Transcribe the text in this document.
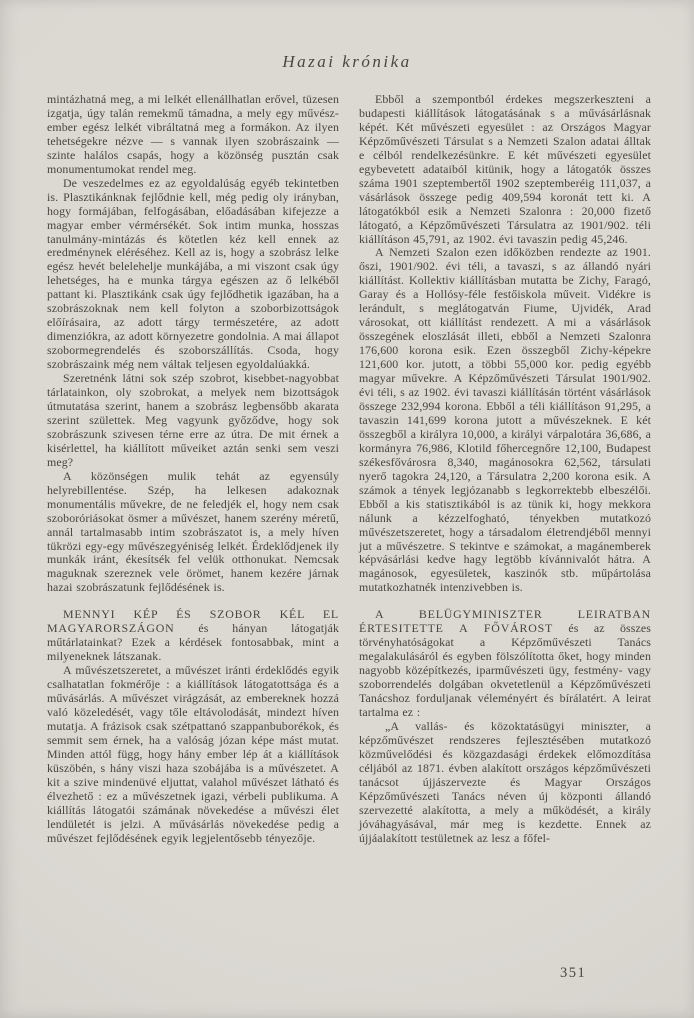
Hazai krónika

mintázhatná meg, a mi lelkét ellenállhatlan erővel, tüzesen izgatja, úgy talán remekmű támadna, a mely egy művész-ember egész lelkét vibráltatná meg a formákon. Az ilyen tehetségekre nézve — s vannak ilyen szobrászaink — szinte halálos csapás, hogy a közönség pusztán csak monumentumokat rendel meg.

De veszedelmes ez az egyoldalúság egyéb tekintetben is. Plasztikánknak fejlődnie kell, még pedig oly irányban, hogy formájában, felfogásában, előadásában kifejezze a magyar ember vérmérsékét. Sok intim munka, hosszas tanulmány-mintázás és kötetlen kéz kell ennek az eredménynek eléréséhez. Kell az is, hogy a szobrász lelke egész hevét belelehelje munkájába, a mi viszont csak úgy lehetséges, ha e munka tárgya egészen az ő lelkéből pattant ki. Plasztikánk csak úgy fejlődhetik igazában, ha a szobrászoknak nem kell folyton a szoborbizottságok előírásaira, az adott tárgy természetére, az adott dimenziókra, az adott környezetre gondolnia. A mai állapot szobormegrendelés és szoborszállítás. Csoda, hogy szobrászaink még nem váltak teljesen egyoldalúakká.

Szeretnénk látni sok szép szobrot, kisebbet-nagyobbat tárlatainkon, oly szobrokat, a melyek nem bizottságok útmutatása szerint, hanem a szobrász legbensőbb akarata szerint születtek. Meg vagyunk győződve, hogy sok szobrászunk szivesen térne erre az útra. De mit érnek a kisérlettel, ha kiállított műveiket aztán senki sem veszi meg?

A közönségen mulik tehát az egyensúly helyrebillentése. Szép, ha lelkesen adakoznak monumentális művekre, de ne feledjék el, hogy nem csak szoboróriásokat ösmer a művészet, hanem szerény méretű, annál tartalmasabb intim szobrászatot is, a mely híven tükrözi egy-egy művészegyéniség lelkét. Érdeklődjenek ily munkák iránt, ékesítsék fel velük otthonukat. Nemcsak maguknak szereznek vele örömet, hanem kezére járnak hazai szobrászatunk fejlődésének is.

MENNYI KÉP ÉS SZOBOR KÉL EL MAGYARORSZÁGON és hányan látogatják műtárlatainkat? Ezek a kérdések fontosabbak, mint a milyeneknek látszanak.

A művészetszeretet, a művészet iránti érdeklődés egyik csalhatatlan fokmérője : a kiállítások látogatottsága és a művásárlás. A művészet virágzását, az embereknek hozzá való közeledését, vagy tőle eltávolodását, mindezt híven mutatja. A frázisok csak szétpattanó szappanbuborékok, és semmit sem érnek, ha a valóság józan képe mást mutat. Minden attól függ, hogy hány ember lép át a kiállítások küszöbén, s hány viszi haza szobájába is a művészetet. A kit a szive mindenüvé eljuttat, valahol művészet látható és élvezhető : ez a művészetnek igazi, vérbeli publikuma. A kiállítás látogatói számának növekedése a művészi élet lendületét is jelzi. A művásárlás növekedése pedig a művészet fejlődésének egyik legjelentősebb tényezője.

Ebből a szempontból érdekes megszerkeszteni a budapesti kiállítások látogatásának s a művásárlásnak képét. Két művészeti egyesület : az Országos Magyar Képzőművészeti Társulat s a Nemzeti Szalon adatai álltak e célból rendelkezésünkre. E két művészeti egyesület egybevetett adataiból kitünik, hogy a látogatók összes száma 1901 szeptembertől 1902 szeptemberéig 111,037, a vásárlások összege pedig 409,594 koronát tett ki. A látogatókból esik a Nemzeti Szalonra : 20,000 fizető látogató, a Képzőművészeti Társulatra az 1901/902. téli kiállításon 45,791, az 1902. évi tavaszin pedig 45,246.

A Nemzeti Szalon ezen időközben rendezte az 1901. őszi, 1901/902. évi téli, a tavaszi, s az állandó nyári kiállítást. Kollektiv kiállításban mutatta be Zichy, Faragó, Garay és a Hollósy-féle festőiskola műveit. Vidékre is lerándult, s meglátogatván Fiume, Ujvidék, Arad városokat, ott kiállítást rendezett. A mi a vásárlások összegének eloszlását illeti, ebből a Nemzeti Szalonra 176,600 korona esik. Ezen összegből Zichy-képekre 121,600 kor. jutott, a többi 55,000 kor. pedig egyébb magyar művekre. A Képzőművészeti Társulat 1901/902. évi téli, s az 1902. évi tavaszi kiállításán történt vásárlások összege 232,994 korona. Ebből a téli kiállításon 91,295, a tavaszin 141,699 korona jutott a művészeknek. E két összegből a királyra 10,000, a királyi várpalotára 36,686, a kormányra 76,986, Klotild főhercegnőre 12,100, Budapest székesfővárosra 8,340, magánosokra 62,562, társulati nyerő tagokra 24,120, a Társulatra 2,200 korona esik. A számok a tények legjózanabb s legkorrektebb elbeszélői. Ebből a kis statisztikából is az tünik ki, hogy mekkora nálunk a kézzelfogható, tényekben mutatkozó művészetszeretet, hogy a társadalom életrendjéből mennyi jut a művészetre. S tekintve e számokat, a magánemberek képvásárlási kedve hagy legtöbb kívánnivalót hátra. A magánosok, egyesületek, kaszinók stb. műpártolása mutatkozhatnék intenzivebben is.

A BELÜGYMINISZTER LEIRATBAN ÉRTESITETTE A FŐVÁROST és az összes törvényhatóságokat a Képzőművészeti Tanács megalakulásáról és egyben fölszólította őket, hogy minden nagyobb középítkezés, iparművészeti ügy, festmény- vagy szoborrendelés dolgában okvetetlenül a Képzőművészeti Tanácshoz forduljanak véleményért és bírálatért. A leirat tartalma ez :

„A vallás- és közoktatásügyi miniszter, a képzőművészet rendszeres fejlesztésében mutatkozó közművelődési és közgazdasági érdekek előmozdítása céljából az 1871. évben alakított országos képzőművészeti tanácsot újjászervezte és Magyar Országos Képzőművészeti Tanács néven új központi állandó szervezetté alakította, a mely a működését, a király jóváhagyásával, már meg is kezdette. Ennek az újjáalakított testületnek az lesz a főfel-

351
